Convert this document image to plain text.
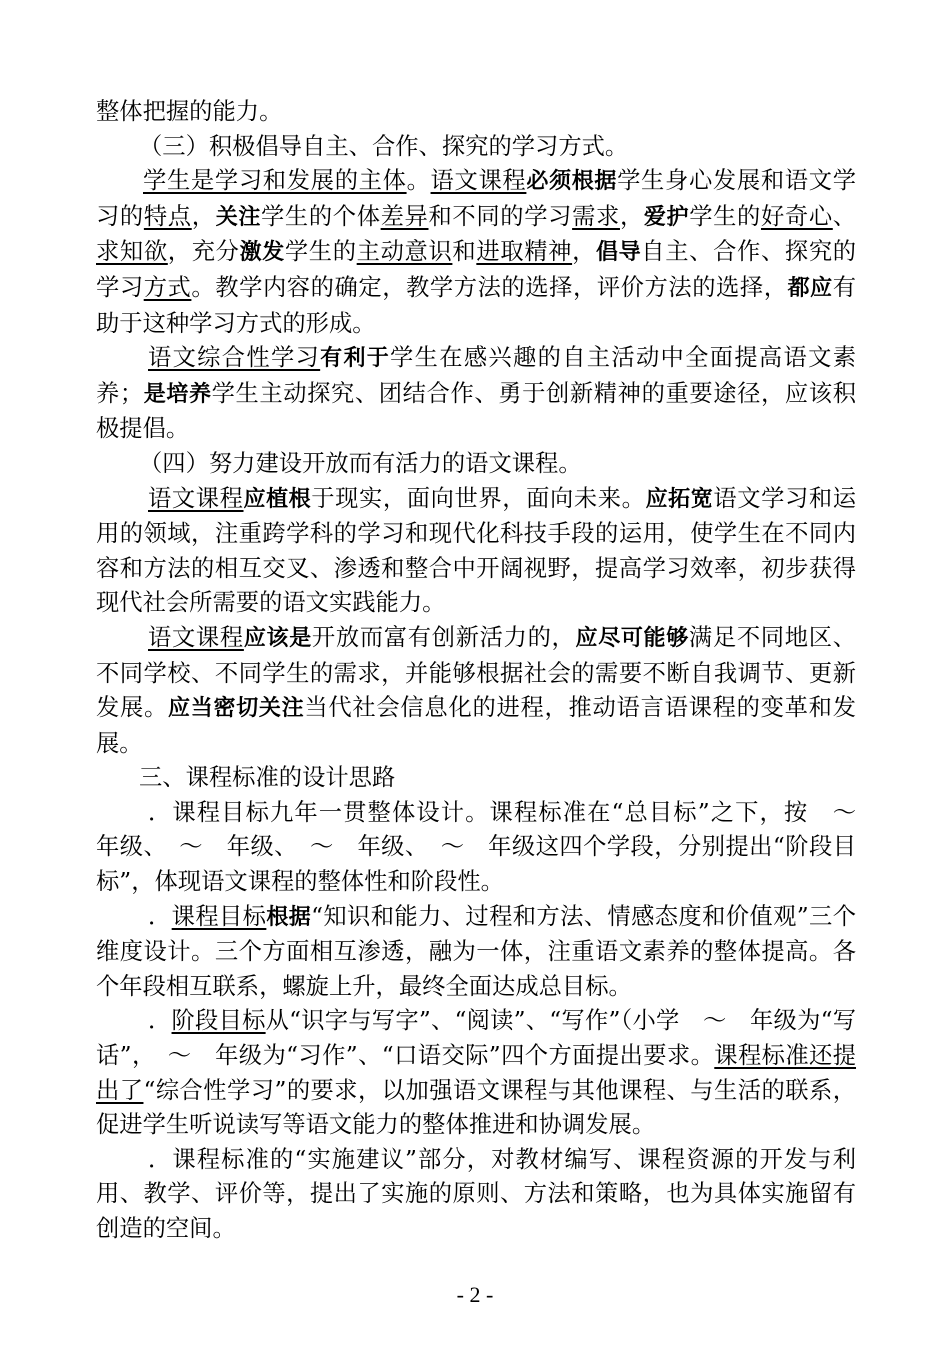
整体把握的能力。

（三）积极倡导自主、合作、探究的学习方式。

学生是学习和发展的主体。语文课程必须根据学生身心发展和语文学习的特点，关注学生的个体差异和不同的学习需求，爱护学生的好奇心、求知欲，充分激发学生的主动意识和进取精神，倡导自主、合作、探究的学习方式。教学内容的确定，教学方法的选择，评价方法的选择，都应有助于这种学习方式的形成。

语文综合性学习有利于学生在感兴趣的自主活动中全面提高语文素养；是培养学生主动探究、团结合作、勇于创新精神的重要途径，应该积极提倡。

（四）努力建设开放而有活力的语文课程。

语文课程应植根于现实，面向世界，面向未来。应拓宽语文学习和运用的领域，注重跨学科的学习和现代化科技手段的运用，使学生在不同内容和方法的相互交叉、渗透和整合中开阔视野，提高学习效率，初步获得现代社会所需要的语文实践能力。

语文课程应该是开放而富有创新活力的，应尽可能够满足不同地区、不同学校、不同学生的需求，并能够根据社会的需要不断自我调节、更新发展。应当密切关注当代社会信息化的进程，推动语言语课程的变革和发展。

三、课程标准的设计思路

．课程目标九年一贯整体设计。课程标准在“总目标”之下，按　～　年级、　～　年级、　～　年级、　～　年级这四个学段，分别提出“阶段目标”，体现语文课程的整体性和阶段性。

．课程目标根据“知识和能力、过程和方法、情感态度和价值观”三个维度设计。三个方面相互渗透，融为一体，注重语文素养的整体提高。各个年段相互联系，螺旋上升，最终全面达成总目标。

．阶段目标从“识字与写字”、“阅读”、“写作”（小学　～　年级为“写话”，　～　年级为“习作”、“口语交际”四个方面提出要求。课程标准还提出了“综合性学习”的要求，以加强语文课程与其他课程、与生活的联系，促进学生听说读写等语文能力的整体推进和协调发展。

．课程标准的“实施建议”部分，对教材编写、课程资源的开发与利用、教学、评价等，提出了实施的原则、方法和策略，也为具体实施留有创造的空间。

- 2 -
